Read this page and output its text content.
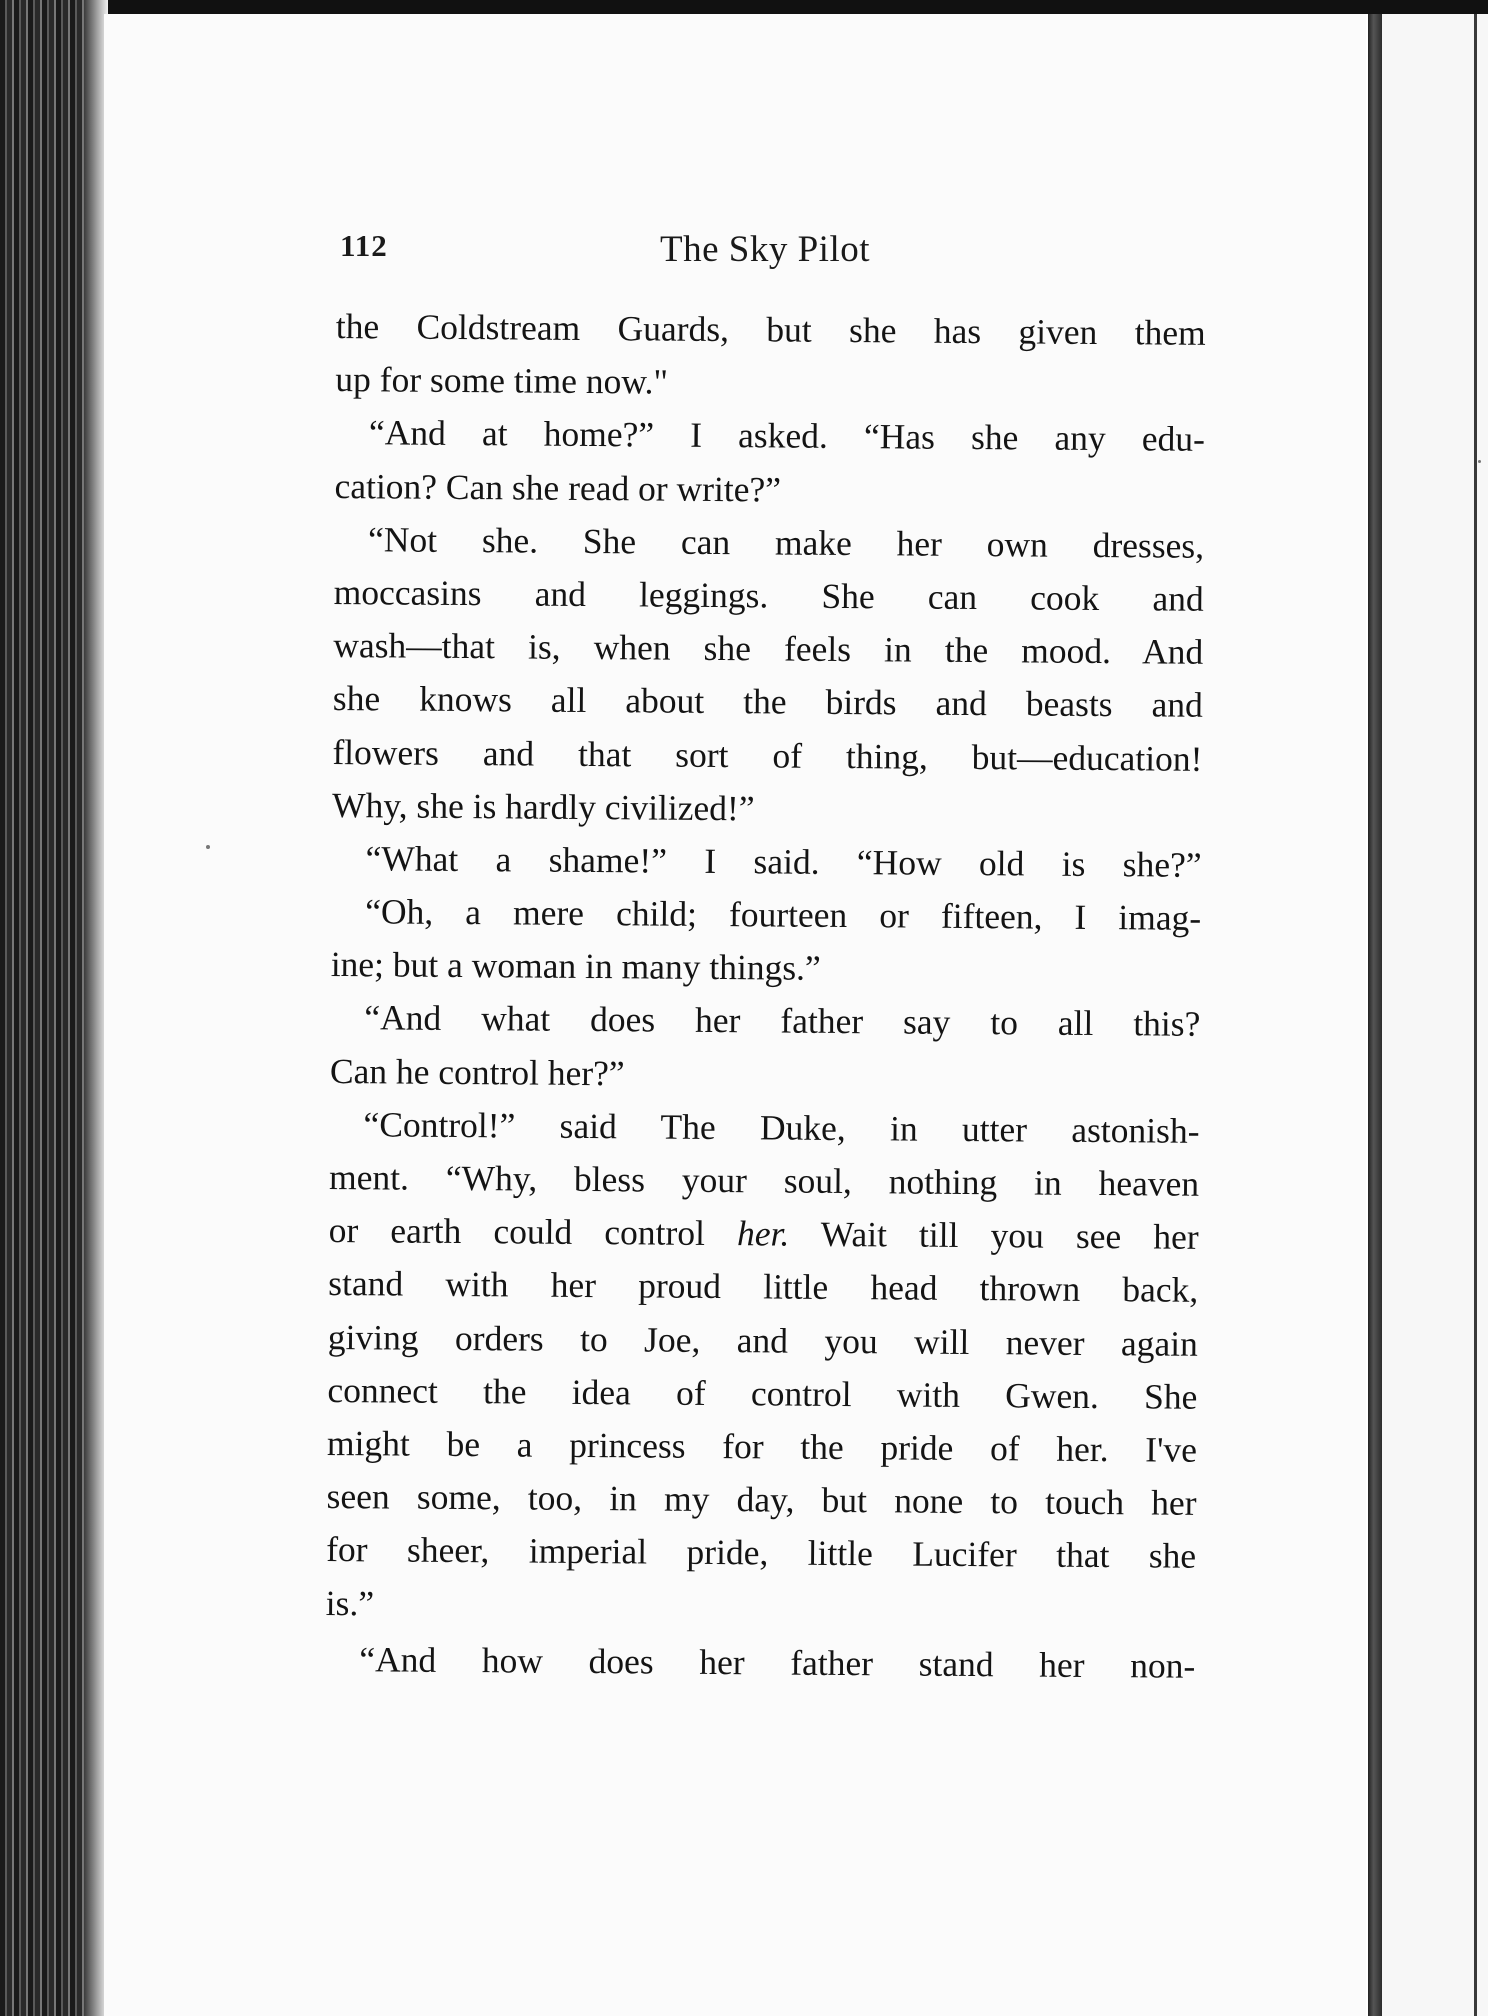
112	The Sky Pilot
the Coldstream Guards, but she has given them
up for some time now."
“And at home?” I asked. “Has she any edu-
cation? Can she read or write?”
“Not she. She can make her own dresses,
moccasins and leggings. She can cook and
wash—that is, when she feels in the mood. And
she knows all about the birds and beasts and
flowers and that sort of thing, but—education!
Why, she is hardly civilized!”
“What a shame!” I said. “How old is she?”
“Oh, a mere child; fourteen or fifteen, I imag-
ine; but a woman in many things.”
“And what does her father say to all this?
Can he control her?”
“Control!” said The Duke, in utter astonish-
ment. “Why, bless your soul, nothing in heaven
or earth could control her. Wait till you see her
stand with her proud little head thrown back,
giving orders to Joe, and you will never again
connect the idea of control with Gwen. She
might be a princess for the pride of her. I've
seen some, too, in my day, but none to touch her
for sheer, imperial pride, little Lucifer that she
is.”
“And how does her father stand her non-
